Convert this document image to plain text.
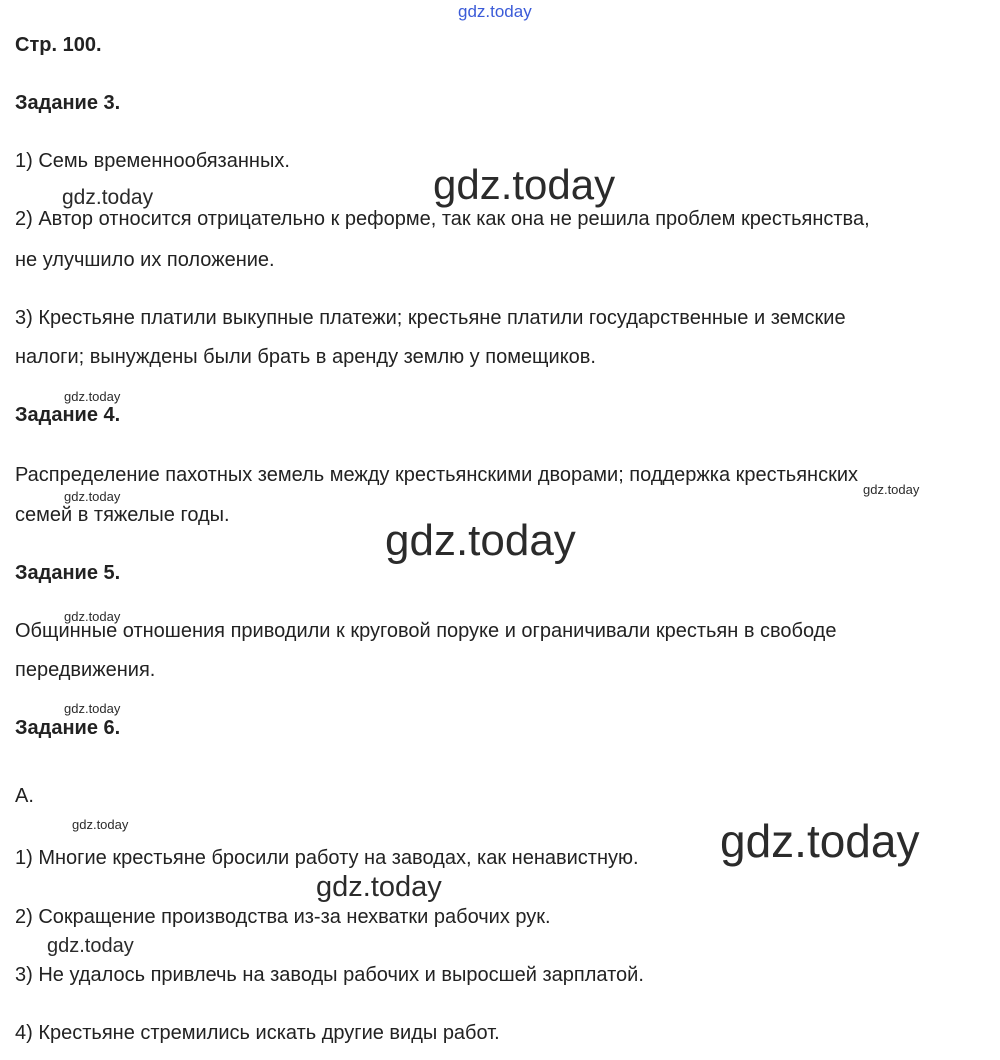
Стр. 100.
Задание 3.
1) Семь временнообязанных.
2) Автор относится отрицательно к реформе, так как она не решила проблем крестьянства,
не улучшило их положение.
3) Крестьяне платили выкупные платежи; крестьяне платили государственные и земские
налоги; вынуждены были брать в аренду землю у помещиков.
Задание 4.
Распределение пахотных земель между крестьянскими дворами; поддержка крестьянских
семей в тяжелые годы.
Задание 5.
Общинные отношения приводили к круговой поруке и ограничивали крестьян в свободе
передвижения.
Задание 6.
А.
1) Многие крестьяне бросили работу на заводах, как ненавистную.
2) Сокращение производства из-за нехватки рабочих рук.
3) Не удалось привлечь на заводы рабочих и выросшей зарплатой.
4) Крестьяне стремились искать другие виды работ.
gdz.today
gdz.today
gdz.today
gdz.today
gdz.today	gdz.today
gdz.today
gdz.today
gdz.today
gdz.today	gdz.today
gdz.today
gdz.today
